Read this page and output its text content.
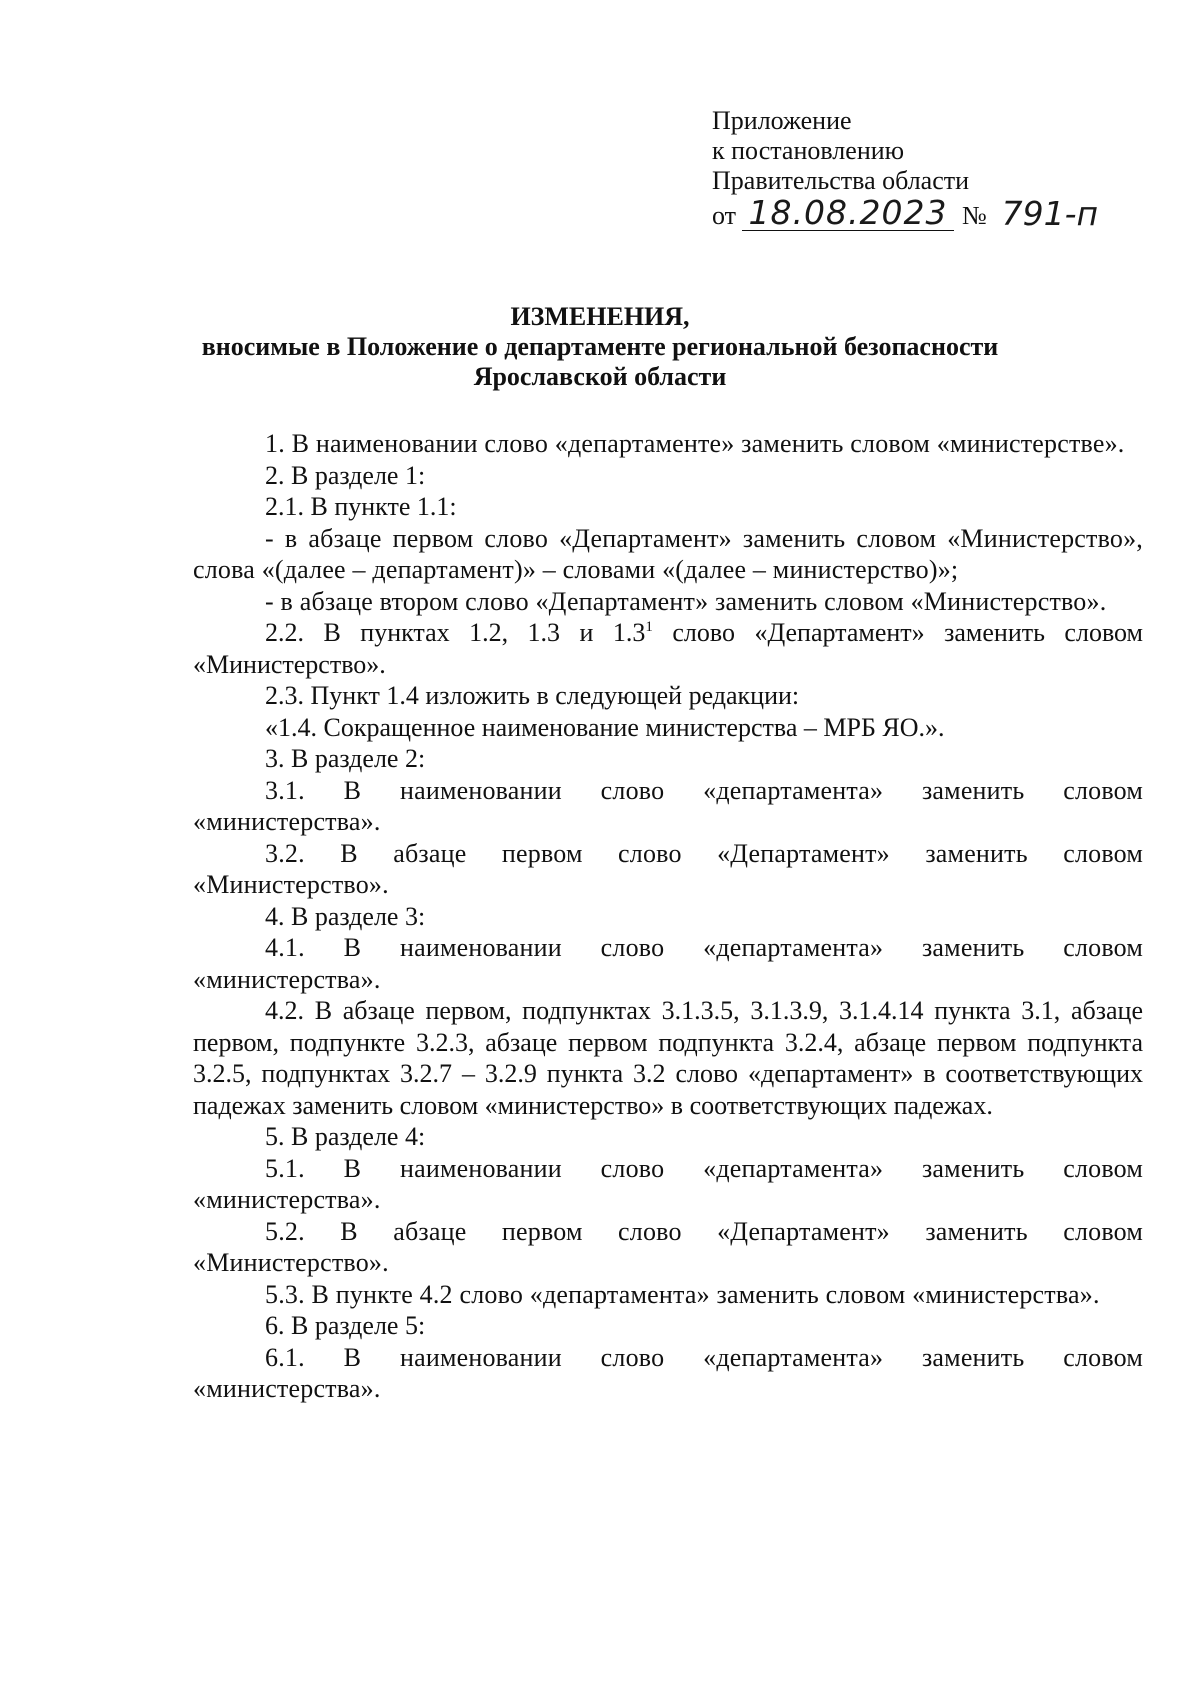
Приложение
к постановлению
Правительства области
от 18.08.2023 № 791-п
ИЗМЕНЕНИЯ,
вносимые в Положение о департаменте региональной безопасности
Ярославской области

1. В наименовании слово «департаменте» заменить словом «министерстве».

2. В разделе 1:

2.1. В пункте 1.1:

- в абзаце первом слово «Департамент» заменить словом «Министерство», слова «(далее – департамент)» – словами «(далее – министерство)»;

- в абзаце втором слово «Департамент» заменить словом «Министерство».

2.2. В пунктах 1.2, 1.3 и $1.3^1$ слово «Департамент» заменить словом «Министерство».

2.3. Пункт 1.4 изложить в следующей редакции:

«1.4. Сокращенное наименование министерства – МРБ ЯО.».

3. В разделе 2:

3.1. В наименовании слово «департамента» заменить словом «министерства».

3.2. В абзаце первом слово «Департамент» заменить словом «Министерство».

4. В разделе 3:

4.1. В наименовании слово «департамента» заменить словом «министерства».

4.2. В абзаце первом, подпунктах 3.1.3.5, 3.1.3.9, 3.1.4.14 пункта 3.1, абзаце первом, подпункте 3.2.3, абзаце первом подпункта 3.2.4, абзаце первом подпункта 3.2.5, подпунктах 3.2.7 – 3.2.9 пункта 3.2 слово «департамент» в соответствующих падежах заменить словом «министерство» в соответствующих падежах.

5. В разделе 4:

5.1. В наименовании слово «департамента» заменить словом «министерства».

5.2. В абзаце первом слово «Департамент» заменить словом «Министерство».

5.3. В пункте 4.2 слово «департамента» заменить словом «министерства».

6. В разделе 5:

6.1. В наименовании слово «департамента» заменить словом «министерства».
